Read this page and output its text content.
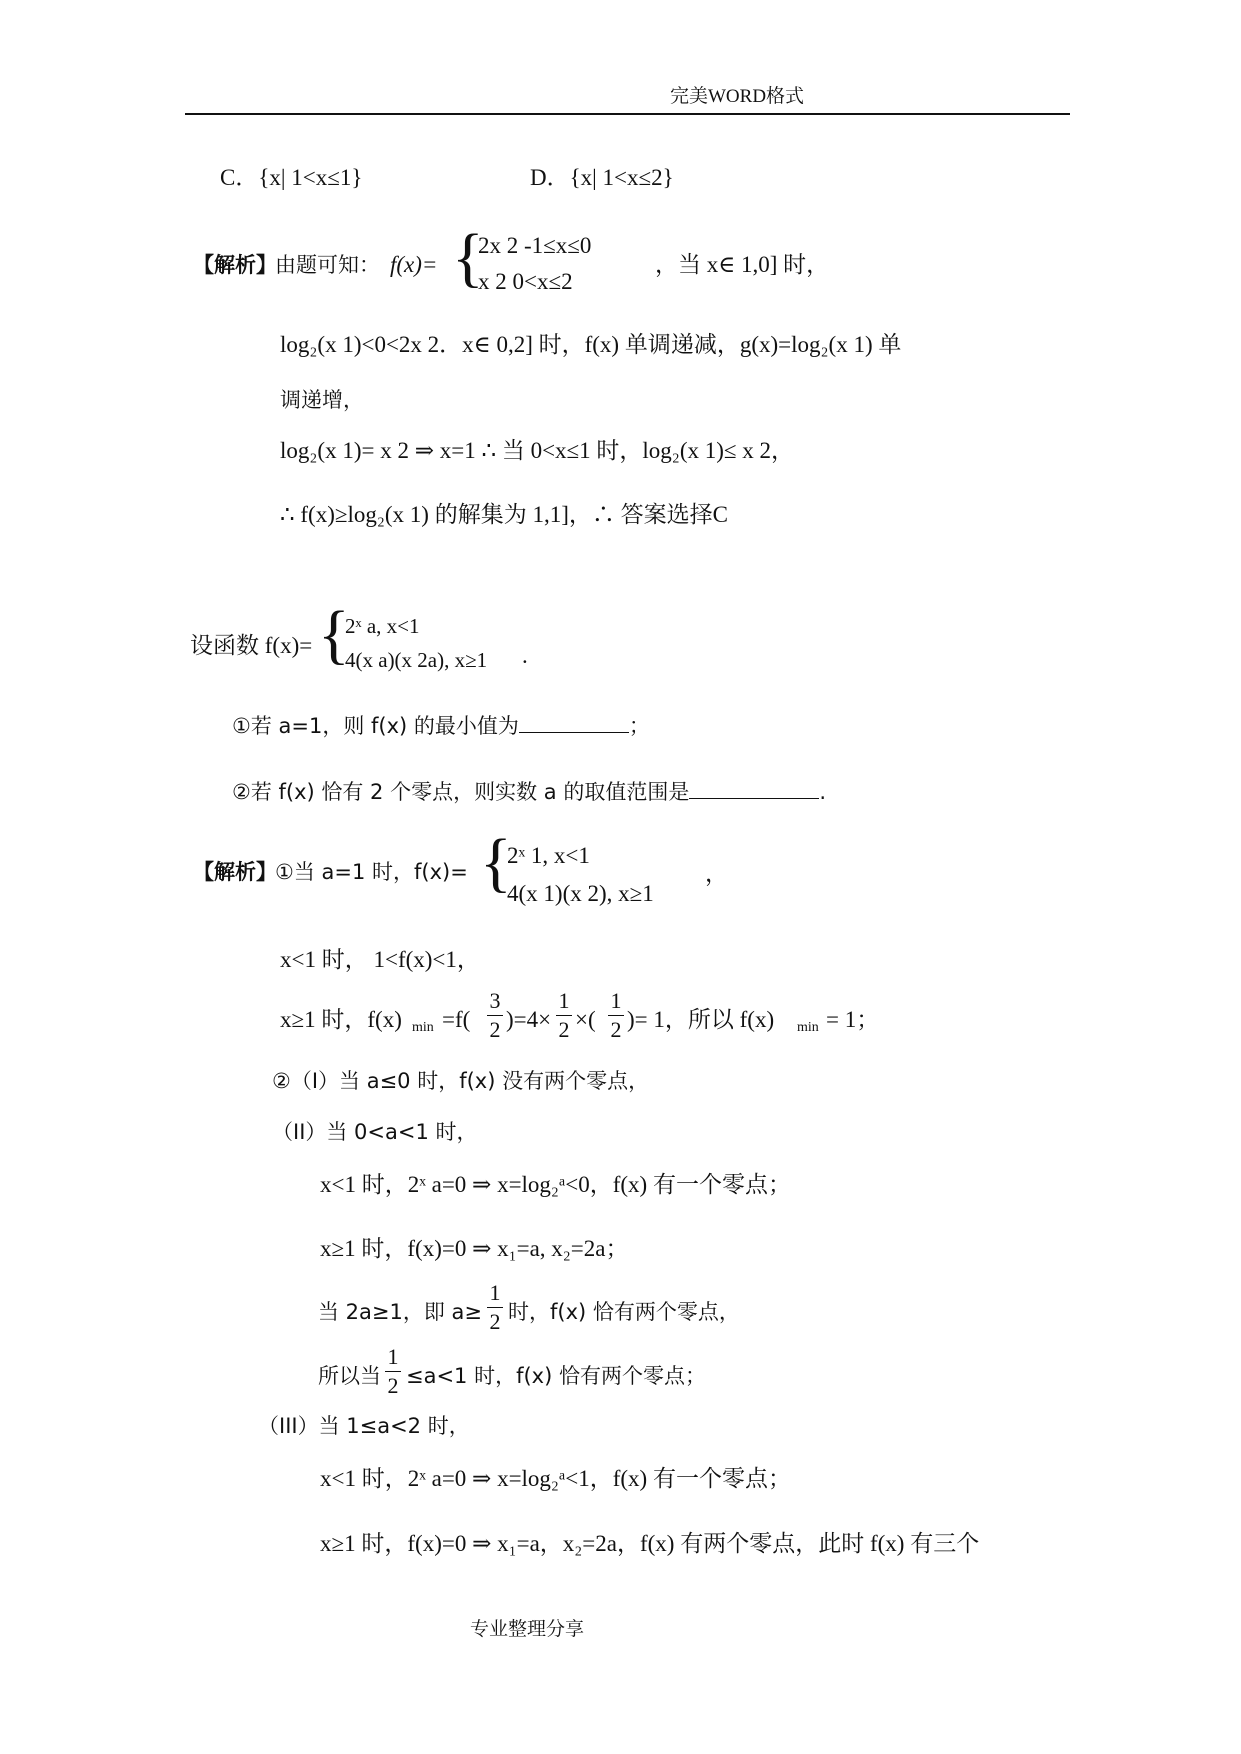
完美WORD格式
C．{x| 1<x≤1}	D．{x| 1<x≤2}
【解析】
由题可知： f(x)= {
2x 2 -1≤x≤0
x 2 0<x≤2
，当 x∈ 1,0] 时，
log₂(x 1)<0<2x 2．x∈ 0,2] 时，f(x) 单调递减，g(x)=log₂(x 1) 单
调递增，
log₂(x 1)= x 2 ⇒ x=1 ∴ 当 0<x≤1 时，log₂(x 1)≤ x 2，
∴ f(x)≥log₂(x 1) 的解集为 1,1]，∴ 答案选择C
设函数 f(x)= {
2ˣ a, x<1
4(x a)(x 2a), x≥1 .
①若 a=1，则 f(x) 的最小值为	；
②若 f(x) 恰有 2 个零点，则实数 a 的取值范围是	.
【解析】
①当 a=1 时，f(x)= {
2ˣ 1, x<1
4(x 1)(x 2), x≥1
，
x<1 时， 1<f(x)<1，
x≥1 时，f(x) min =f(
3
2 )=4×
1
2 ×(
1
2 )= 1，所以 f(x) min = 1；
②（I）当 a≤0 时，f(x) 没有两个零点，
（II）当 0<a<1 时，
x<1 时，2ˣ a=0 ⇒ x=log₂ᵃ<0，f(x) 有一个零点；
x≥1 时，f(x)=0 ⇒ x₁=a, x₂=2a；
当 2a≥1，即 a≥
1
2 时，f(x) 恰有两个零点，
所以当
1
2 ≤a<1 时，f(x) 恰有两个零点；
（III）当 1≤a<2 时，
x<1 时，2ˣ a=0 ⇒ x=log₂ᵃ<1，f(x) 有一个零点；
x≥1 时，f(x)=0 ⇒ x₁=a，x₂=2a，f(x) 有两个零点，此时 f(x) 有三个
专业整理分享
